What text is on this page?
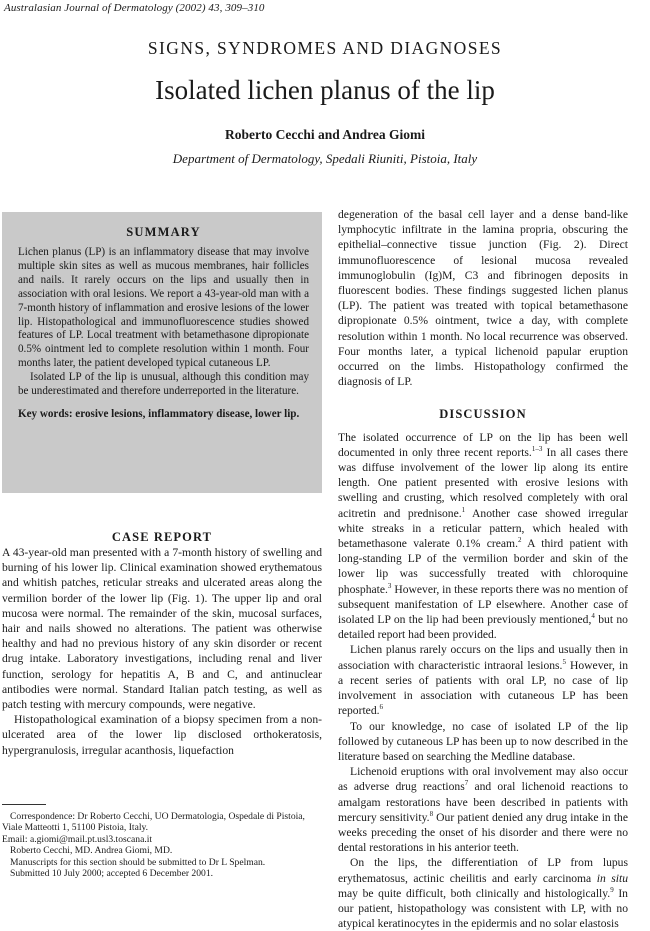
Australasian Journal of Dermatology (2002) 43, 309–310
SIGNS, SYNDROMES AND DIAGNOSES
Isolated lichen planus of the lip
Roberto Cecchi and Andrea Giomi
Department of Dermatology, Spedali Riuniti, Pistoia, Italy
SUMMARY

Lichen planus (LP) is an inflammatory disease that may involve multiple skin sites as well as mucous membranes, hair follicles and nails. It rarely occurs on the lips and usually then in association with oral lesions. We report a 43-year-old man with a 7-month history of inflammation and erosive lesions of the lower lip. Histopathological and immunofluorescence studies showed features of LP. Local treatment with betamethasone dipropionate 0.5% ointment led to complete resolution within 1 month. Four months later, the patient developed typical cutaneous LP.

Isolated LP of the lip is unusual, although this condition may be underestimated and therefore underreported in the literature.

Key words: erosive lesions, inflammatory disease, lower lip.

CASE REPORT

A 43-year-old man presented with a 7-month history of swelling and burning of his lower lip. Clinical examination showed erythematous and whitish patches, reticular streaks and ulcerated areas along the vermilion border of the lower lip (Fig. 1). The upper lip and oral mucosa were normal. The remainder of the skin, mucosal surfaces, hair and nails showed no alterations. The patient was otherwise healthy and had no previous history of any skin disorder or recent drug intake. Laboratory investigations, including renal and liver function, serology for hepatitis A, B and C, and antinuclear antibodies were normal. Standard Italian patch testing, as well as patch testing with mercury compounds, were negative.

Histopathological examination of a biopsy specimen from a non-ulcerated area of the lower lip disclosed orthokeratosis, hypergranulosis, irregular acanthosis, liquefaction

degeneration of the basal cell layer and a dense band-like lymphocytic infiltrate in the lamina propria, obscuring the epithelial–connective tissue junction (Fig. 2). Direct immunofluorescence of lesional mucosa revealed immunoglobulin (Ig)M, C3 and fibrinogen deposits in fluorescent bodies. These findings suggested lichen planus (LP). The patient was treated with topical betamethasone dipropionate 0.5% ointment, twice a day, with complete resolution within 1 month. No local recurrence was observed. Four months later, a typical lichenoid papular eruption occurred on the limbs. Histopathology confirmed the diagnosis of LP.

DISCUSSION

The isolated occurrence of LP on the lip has been well documented in only three recent reports.$^{1-3}$ In all cases there was diffuse involvement of the lower lip along its entire length. One patient presented with erosive lesions with swelling and crusting, which resolved completely with oral acitretin and prednisone.$^1$ Another case showed irregular white streaks in a reticular pattern, which healed with betamethasone valerate 0.1% cream.$^2$ A third patient with long-standing LP of the vermilion border and skin of the lower lip was successfully treated with chloroquine phosphate.$^3$ However, in these reports there was no mention of subsequent manifestation of LP elsewhere. Another case of isolated LP on the lip had been previously mentioned,$^4$ but no detailed report had been provided.

Lichen planus rarely occurs on the lips and usually then in association with characteristic intraoral lesions.$^5$ However, in a recent series of patients with oral LP, no case of lip involvement in association with cutaneous LP has been reported.$^6$

To our knowledge, no case of isolated LP of the lip followed by cutaneous LP has been up to now described in the literature based on searching the Medline database.

Lichenoid eruptions with oral involvement may also occur as adverse drug reactions$^7$ and oral lichenoid reactions to amalgam restorations have been described in patients with mercury sensitivity.$^8$ Our patient denied any drug intake in the weeks preceding the onset of his disorder and there were no dental restorations in his anterior teeth.

On the lips, the differentiation of LP from lupus erythematosus, actinic cheilitis and early carcinoma in situ may be quite difficult, both clinically and histologically.$^9$ In our patient, histopathology was consistent with LP, with no atypical keratinocytes in the epidermis and no solar elastosis

Correspondence: Dr Roberto Cecchi, UO Dermatologia, Ospedale di Pistoia, Viale Matteotti 1, 51100 Pistoia, Italy.

Email: a.giomi@mail.pt.usl3.toscana.it

Roberto Cecchi, MD. Andrea Giomi, MD.

Manuscripts for this section should be submitted to Dr L Spelman.

Submitted 10 July 2000; accepted 6 December 2001.
